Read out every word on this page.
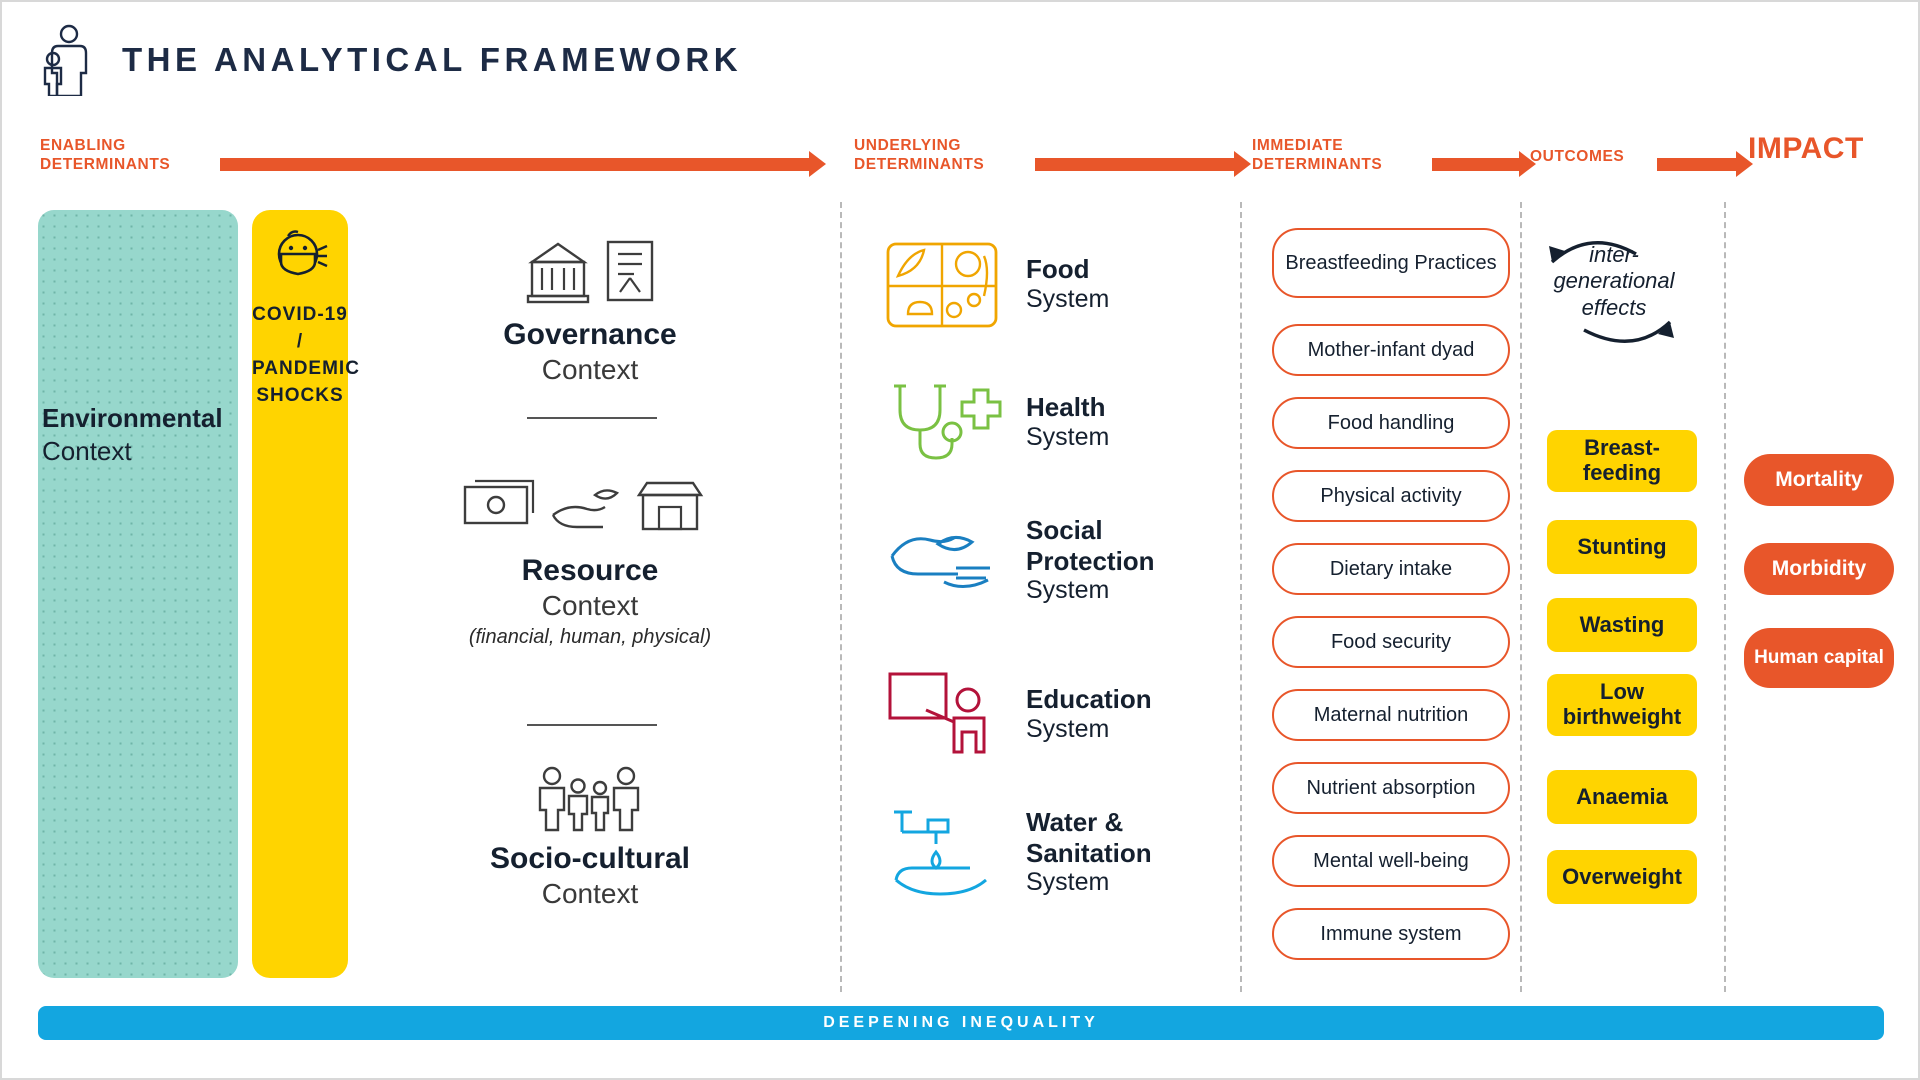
THE ANALYTICAL FRAMEWORK
ENABLING
DETERMINANTS
UNDERLYING
DETERMINANTS
IMMEDIATE
DETERMINANTS	OUTCOMES	IMPACT
Environmental
Context
COVID-19 / PANDEMIC SHOCKS
Governance
Context
Resource
Context
(financial, human, physical)
Socio-cultural
Context
Food
System
Health
System
Social
Protection
System
Education
System
Water &
Sanitation
System
Breastfeeding Practices
Mother-infant dyad
Food handling
Physical activity
Dietary intake
Food security
Maternal nutrition
Nutrient absorption
Mental well-being
Immune system
inter-generational effects
Breast-feeding
Stunting
Wasting
Low birthweight
Anaemia
Overweight
Mortality
Morbidity
Human capital
DEEPENING INEQUALITY
